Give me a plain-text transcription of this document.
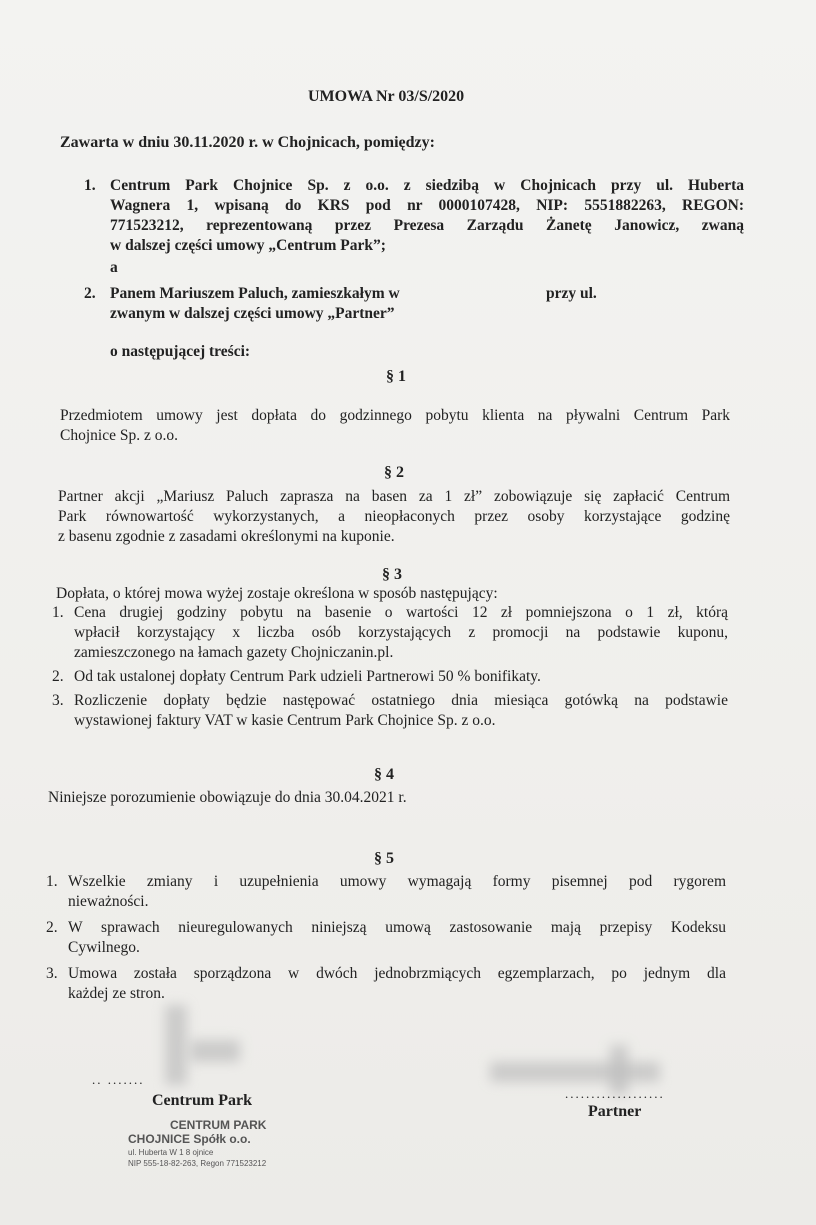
UMOWA Nr 03/S/2020
Zawarta w dniu 30.11.2020 r. w Chojnicach, pomiędzy:
1. Centrum Park Chojnice Sp. z o.o. z siedzibą w Chojnicach przy ul. Huberta
Wagnera 1, wpisaną do KRS pod nr 0000107428, NIP: 5551882263, REGON:
771523212, reprezentowaną przez Prezesa Zarządu Żanetę Janowicz, zwaną
w dalszej części umowy „Centrum Park”;
a
2. Panem Mariuszem Paluch, zamieszkałym w	przy ul.
zwanym w dalszej części umowy „Partner”
o następującej treści:
§ 1
Przedmiotem umowy jest dopłata do godzinnego pobytu klienta na pływalni Centrum Park
Chojnice Sp. z o.o.
§ 2
Partner akcji „Mariusz Paluch zaprasza na basen za 1 zł” zobowiązuje się zapłacić Centrum
Park równowartość wykorzystanych, a nieopłaconych przez osoby korzystające godzinę
z basenu zgodnie z zasadami określonymi na kuponie.
§ 3
Dopłata, o której mowa wyżej zostaje określona w sposób następujący:
1. Cena drugiej godziny pobytu na basenie o wartości 12 zł pomniejszona o 1 zł, którą
wpłacił korzystający x liczba osób korzystających z promocji na podstawie kuponu,
zamieszczonego na łamach gazety Chojniczanin.pl.
2. Od tak ustalonej dopłaty Centrum Park udzieli Partnerowi 50 % bonifikaty.
3. Rozliczenie dopłaty będzie następować ostatniego dnia miesiąca gotówką na podstawie
wystawionej faktury VAT w kasie Centrum Park Chojnice Sp. z o.o.
§ 4
Niniejsze porozumienie obowiązuje do dnia 30.04.2021 r.
§ 5
1. Wszelkie zmiany i uzupełnienia umowy wymagają formy pisemnej pod rygorem
nieważności.
2. W sprawach nieuregulowanych niniejszą umową zastosowanie mają przepisy Kodeksu
Cywilnego.
3. Umowa została sporządzona w dwóch jednobrzmiących egzemplarzach, po jednym dla
każdej ze stron.
.. .......
Centrum Park	...................
Partner
CENTRUM PARK
CHOJNICE Spółk o.o.
ul. Huberta W 1 8 ojnice
NIP 555-18-82-263, Regon 771523212
